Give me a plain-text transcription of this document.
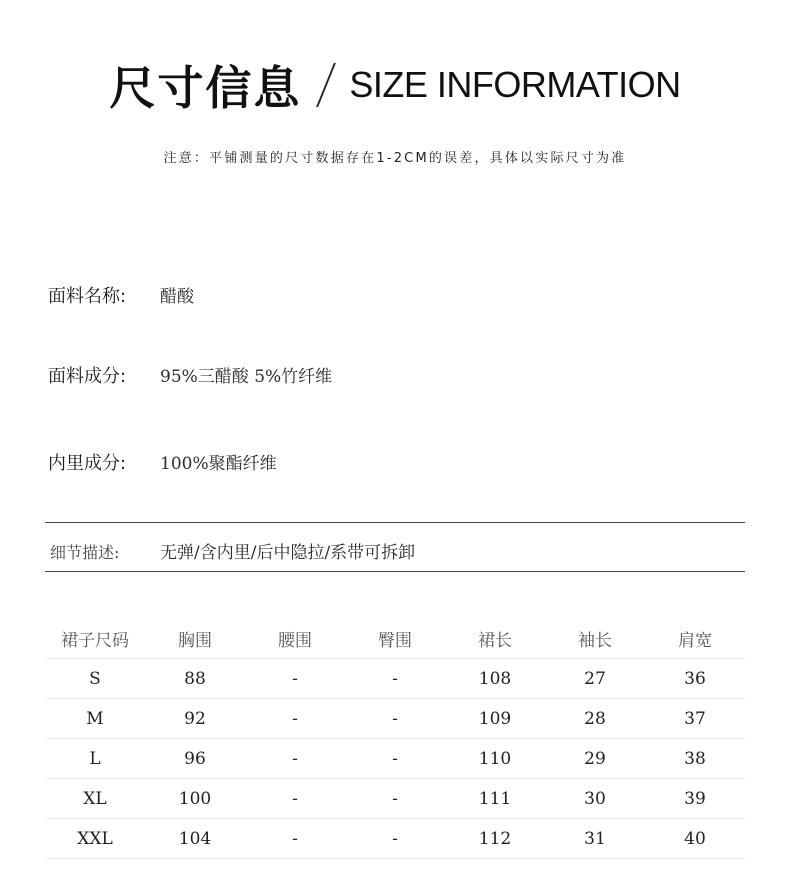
尺寸信息 SIZE INFORMATION
注意：平铺测量的尺寸数据存在1-2CM的误差，具体以实际尺寸为准
面料名称: 醋酸
面料成分: 95%三醋酸 5%竹纤维
内里成分: 100%聚酯纤维
细节描述: 无弹/含内里/后中隐拉/系带可拆卸
裙子尺码	胸围	腰围	臀围	裙长	袖长	肩宽
S	88	-	-	108	27	36
M	92	-	-	109	28	37
L	96	-	-	110	29	38
XL	100	-	-	111	30	39
XXL	104	-	-	112	31	40
